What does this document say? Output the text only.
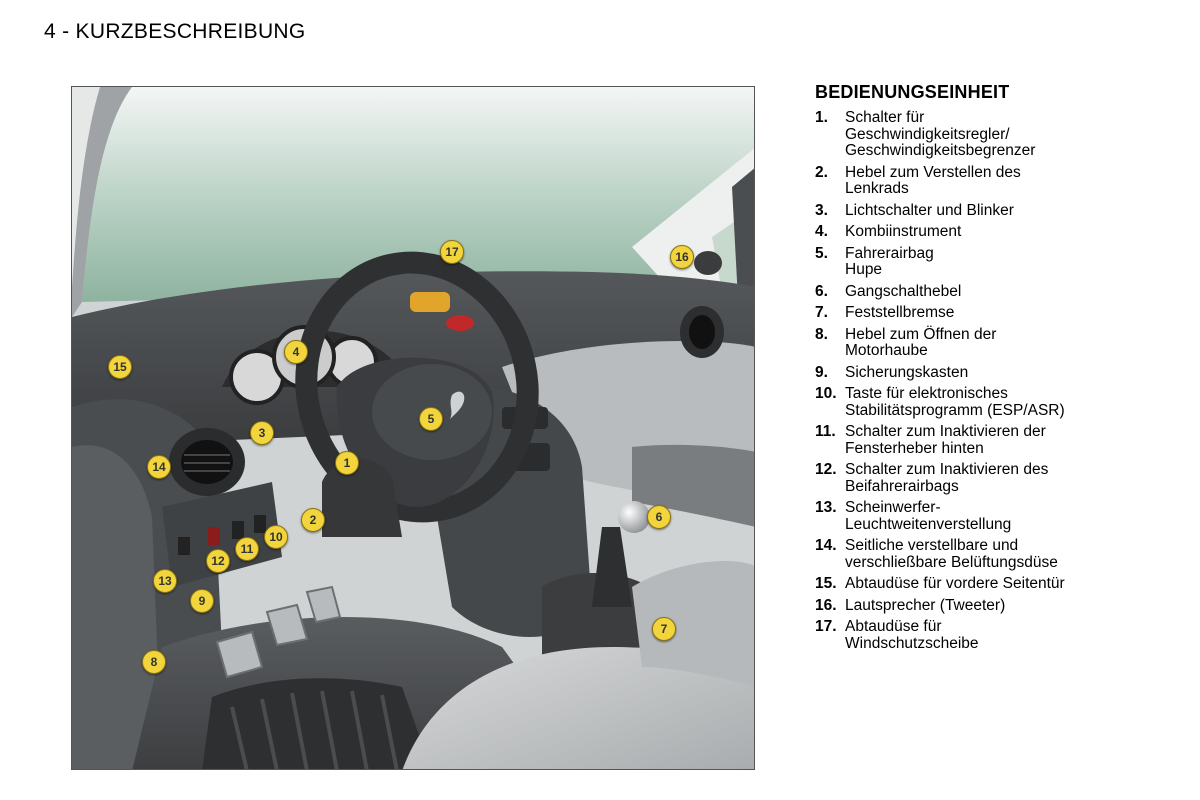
4 - KURZBESCHREIBUNG
1
2
3
4
5
6
7
8
9
10
11
12
13
14
15
16
17
BEDIENUNGSEINHEIT
1.	Schalter für
Geschwindigkeitsregler/
Geschwindigkeitsbegrenzer
2.	Hebel zum Verstellen des
Lenkrads
3.	Lichtschalter und Blinker
4.	Kombiinstrument
5.	Fahrerairbag
Hupe
6.	Gangschalthebel
7.	Feststellbremse
8.	Hebel zum Öffnen der
Motorhaube
9.	Sicherungskasten
10. Taste für elektronisches
Stabilitätsprogramm (ESP/ASR)
11. Schalter zum Inaktivieren der
Fensterheber hinten
12. Schalter zum Inaktivieren des
Beifahrerairbags
13. Scheinwerfer-
Leuchtweitenverstellung
14. Seitliche verstellbare und
verschließbare Belüftungsdüse
15. Abtaudüse für vordere Seitentür
16. Lautsprecher (Tweeter)
17. Abtaudüse für
Windschutzscheibe
